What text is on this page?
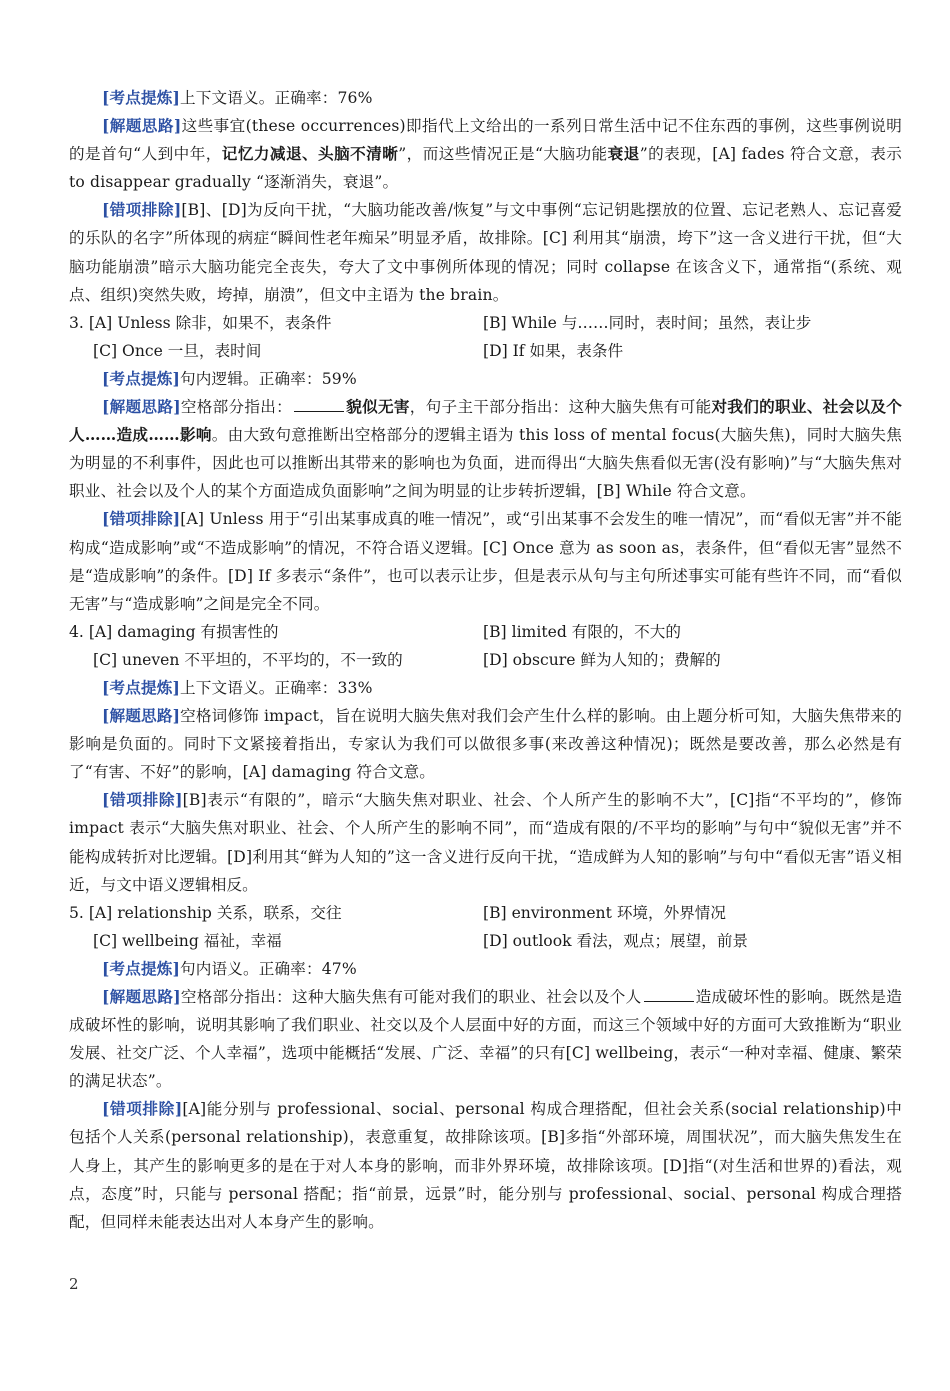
[考点提炼]上下文语义。正确率：76%

[解题思路]这些事宜(these occurrences)即指代上文给出的一系列日常生活中记不住东西的事例，这些事例说明的是首句“人到中年，记忆力减退、头脑不清晰”，而这些情况正是“大脑功能衰退”的表现，[A] fades 符合文意，表示 to disappear gradually “逐渐消失，衰退”。

[错项排除][B]、[D]为反向干扰，“大脑功能改善/恢复”与文中事例“忘记钥匙摆放的位置、忘记老熟人、忘记喜爱的乐队的名字”所体现的病症“瞬间性老年痴呆”明显矛盾，故排除。[C] 利用其“崩溃，垮下”这一含义进行干扰，但“大脑功能崩溃”暗示大脑功能完全丧失，夸大了文中事例所体现的情况；同时 collapse 在该含义下，通常指“(系统、观点、组织)突然失败，垮掉，崩溃”，但文中主语为 the brain。

3. [A] Unless 除非，如果不，表条件	[B] While 与……同时，表时间；虽然，表让步
[C] Once 一旦，表时间	[D] If 如果，表条件

[考点提炼]句内逻辑。正确率：59%

[解题思路]空格部分指出：	貌似无害，句子主干部分指出：这种大脑失焦有可能对我们的职业、社会以及个人……造成……影响。由大致句意推断出空格部分的逻辑主语为 this loss of mental focus(大脑失焦)，同时大脑失焦为明显的不利事件，因此也可以推断出其带来的影响也为负面，进而得出“大脑失焦看似无害(没有影响)”与“大脑失焦对职业、社会以及个人的某个方面造成负面影响”之间为明显的让步转折逻辑，[B] While 符合文意。

[错项排除][A] Unless 用于“引出某事成真的唯一情况”，或“引出某事不会发生的唯一情况”，而“看似无害”并不能构成“造成影响”或“不造成影响”的情况，不符合语义逻辑。[C] Once 意为 as soon as，表条件，但“看似无害”显然不是“造成影响”的条件。[D] If 多表示“条件”，也可以表示让步，但是表示从句与主句所述事实可能有些许不同，而“看似无害”与“造成影响”之间是完全不同。

4. [A] damaging 有损害性的	[B] limited 有限的，不大的
[C] uneven 不平坦的，不平均的，不一致的	[D] obscure 鲜为人知的；费解的

[考点提炼]上下文语义。正确率：33%

[解题思路]空格词修饰 impact，旨在说明大脑失焦对我们会产生什么样的影响。由上题分析可知，大脑失焦带来的影响是负面的。同时下文紧接着指出，专家认为我们可以做很多事(来改善这种情况)；既然是要改善，那么必然是有了“有害、不好”的影响，[A] damaging 符合文意。

[错项排除][B]表示“有限的”，暗示“大脑失焦对职业、社会、个人所产生的影响不大”，[C]指“不平均的”，修饰 impact 表示“大脑失焦对职业、社会、个人所产生的影响不同”，而“造成有限的/不平均的影响”与句中“貌似无害”并不能构成转折对比逻辑。[D]利用其“鲜为人知的”这一含义进行反向干扰，“造成鲜为人知的影响”与句中“看似无害”语义相近，与文中语义逻辑相反。

5. [A] relationship 关系，联系，交往	[B] environment 环境，外界情况
[C] wellbeing 福祉，幸福	[D] outlook 看法，观点；展望，前景

[考点提炼]句内语义。正确率：47%

[解题思路]空格部分指出：这种大脑失焦有可能对我们的职业、社会以及个人	造成破坏性的影响。既然是造成破坏性的影响，说明其影响了我们职业、社交以及个人层面中好的方面，而这三个领域中好的方面可大致推断为“职业发展、社交广泛、个人幸福”，选项中能概括“发展、广泛、幸福”的只有[C] wellbeing，表示“一种对幸福、健康、繁荣的满足状态”。

[错项排除][A]能分别与 professional、social、personal 构成合理搭配，但社会关系(social relationship)中包括个人关系(personal relationship)，表意重复，故排除该项。[B]多指“外部环境，周围状况”，而大脑失焦发生在人身上，其产生的影响更多的是在于对人本身的影响，而非外界环境，故排除该项。[D]指“(对生活和世界的)看法，观点，态度”时，只能与 personal 搭配；指“前景，远景”时，能分别与 professional、social、personal 构成合理搭配，但同样未能表达出对人本身产生的影响。

2
